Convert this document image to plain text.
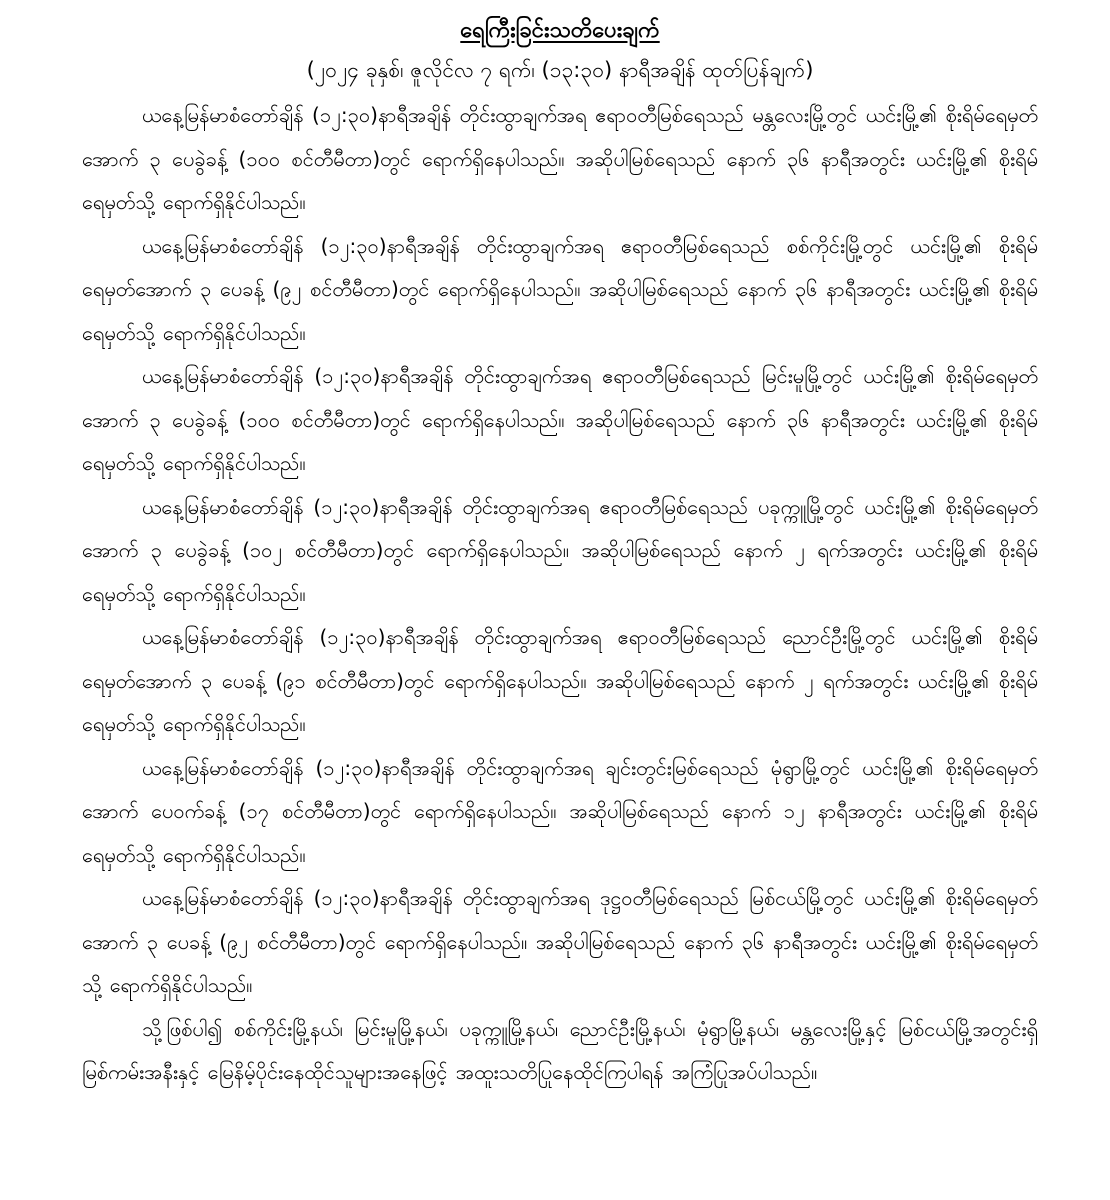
ရေကြီးခြင်းသတိပေးချက်
(၂၀၂၄ ခုနှစ်၊ ဇူလိုင်လ ၇ ရက်၊ (၁၃:၃၀) နာရီအချိန် ထုတ်ပြန်ချက်)

ယနေ့မြန်မာစံတော်ချိန် (၁၂:၃၀)နာရီအချိန် တိုင်းထွာချက်အရ ဧရာဝတီမြစ်ရေသည် မန္တလေးမြို့တွင် ယင်းမြို့၏ စိုးရိမ်ရေမှတ်အောက် ၃ ပေခွဲခန့် (၁၀၀ စင်တီမီတာ)တွင် ရောက်ရှိနေပါသည်။ အဆိုပါမြစ်ရေသည် နောက် ၃၆ နာရီအတွင်း ယင်းမြို့၏ စိုးရိမ်ရေမှတ်သို့ ရောက်ရှိနိုင်ပါသည်။

ယနေ့မြန်မာစံတော်ချိန် (၁၂:၃၀)နာရီအချိန် တိုင်းထွာချက်အရ ဧရာဝတီမြစ်ရေသည် စစ်ကိုင်းမြို့တွင် ယင်းမြို့၏ စိုးရိမ်ရေမှတ်အောက် ၃ ပေခန့် (၉၂ စင်တီမီတာ)တွင် ရောက်ရှိနေပါသည်။ အဆိုပါမြစ်ရေသည် နောက် ၃၆ နာရီအတွင်း ယင်းမြို့၏ စိုးရိမ်ရေမှတ်သို့ ရောက်ရှိနိုင်ပါသည်။

ယနေ့မြန်မာစံတော်ချိန် (၁၂:၃၀)နာရီအချိန် တိုင်းထွာချက်အရ ဧရာဝတီမြစ်ရေသည် မြင်းမူမြို့တွင် ယင်းမြို့၏ စိုးရိမ်ရေမှတ်အောက် ၃ ပေခွဲခန့် (၁၀၀ စင်တီမီတာ)တွင် ရောက်ရှိနေပါသည်။ အဆိုပါမြစ်ရေသည် နောက် ၃၆ နာရီအတွင်း ယင်းမြို့၏ စိုးရိမ်ရေမှတ်သို့ ရောက်ရှိနိုင်ပါသည်။

ယနေ့မြန်မာစံတော်ချိန် (၁၂:၃၀)နာရီအချိန် တိုင်းထွာချက်အရ ဧရာဝတီမြစ်ရေသည် ပခုက္ကူမြို့တွင် ယင်းမြို့၏ စိုးရိမ်ရေမှတ်အောက် ၃ ပေခွဲခန့် (၁၀၂ စင်တီမီတာ)တွင် ရောက်ရှိနေပါသည်။ အဆိုပါမြစ်ရေသည် နောက် ၂ ရက်အတွင်း ယင်းမြို့၏ စိုးရိမ်ရေမှတ်သို့ ရောက်ရှိနိုင်ပါသည်။

ယနေ့မြန်မာစံတော်ချိန် (၁၂:၃၀)နာရီအချိန် တိုင်းထွာချက်အရ ဧရာဝတီမြစ်ရေသည် ညောင်ဦးမြို့တွင် ယင်းမြို့၏ စိုးရိမ်ရေမှတ်အောက် ၃ ပေခန့် (၉၁ စင်တီမီတာ)တွင် ရောက်ရှိနေပါသည်။ အဆိုပါမြစ်ရေသည် နောက် ၂ ရက်အတွင်း ယင်းမြို့၏ စိုးရိမ်ရေမှတ်သို့ ရောက်ရှိနိုင်ပါသည်။

ယနေ့မြန်မာစံတော်ချိန် (၁၂:၃၀)နာရီအချိန် တိုင်းထွာချက်အရ ချင်းတွင်းမြစ်ရေသည် မုံရွာမြို့တွင် ယင်းမြို့၏ စိုးရိမ်ရေမှတ်အောက် ပေဝက်ခန့် (၁၇ စင်တီမီတာ)တွင် ရောက်ရှိနေပါသည်။ အဆိုပါမြစ်ရေသည် နောက် ၁၂ နာရီအတွင်း ယင်းမြို့၏ စိုးရိမ်ရေမှတ်သို့ ရောက်ရှိနိုင်ပါသည်။

ယနေ့မြန်မာစံတော်ချိန် (၁၂:၃၀)နာရီအချိန် တိုင်းထွာချက်အရ ဒုဋ္ဌဝတီမြစ်ရေသည် မြစ်ငယ်မြို့တွင် ယင်းမြို့၏ စိုးရိမ်ရေမှတ်အောက် ၃ ပေခန့် (၉၂ စင်တီမီတာ)တွင် ရောက်ရှိနေပါသည်။ အဆိုပါမြစ်ရေသည် နောက် ၃၆ နာရီအတွင်း ယင်းမြို့၏ စိုးရိမ်ရေမှတ်သို့ ရောက်ရှိနိုင်ပါသည်။

သို့ဖြစ်ပါ၍ စစ်ကိုင်းမြို့နယ်၊ မြင်းမူမြို့နယ်၊ ပခုက္ကူမြို့နယ်၊ ညောင်ဦးမြို့နယ်၊ မုံရွာမြို့နယ်၊ မန္တလေးမြို့နှင့် မြစ်ငယ်မြို့အတွင်းရှိ မြစ်ကမ်းအနီးနှင့် မြေနိမ့်ပိုင်းနေထိုင်သူများအနေဖြင့် အထူးသတိပြုနေထိုင်ကြပါရန် အကြံပြုအပ်ပါသည်။
